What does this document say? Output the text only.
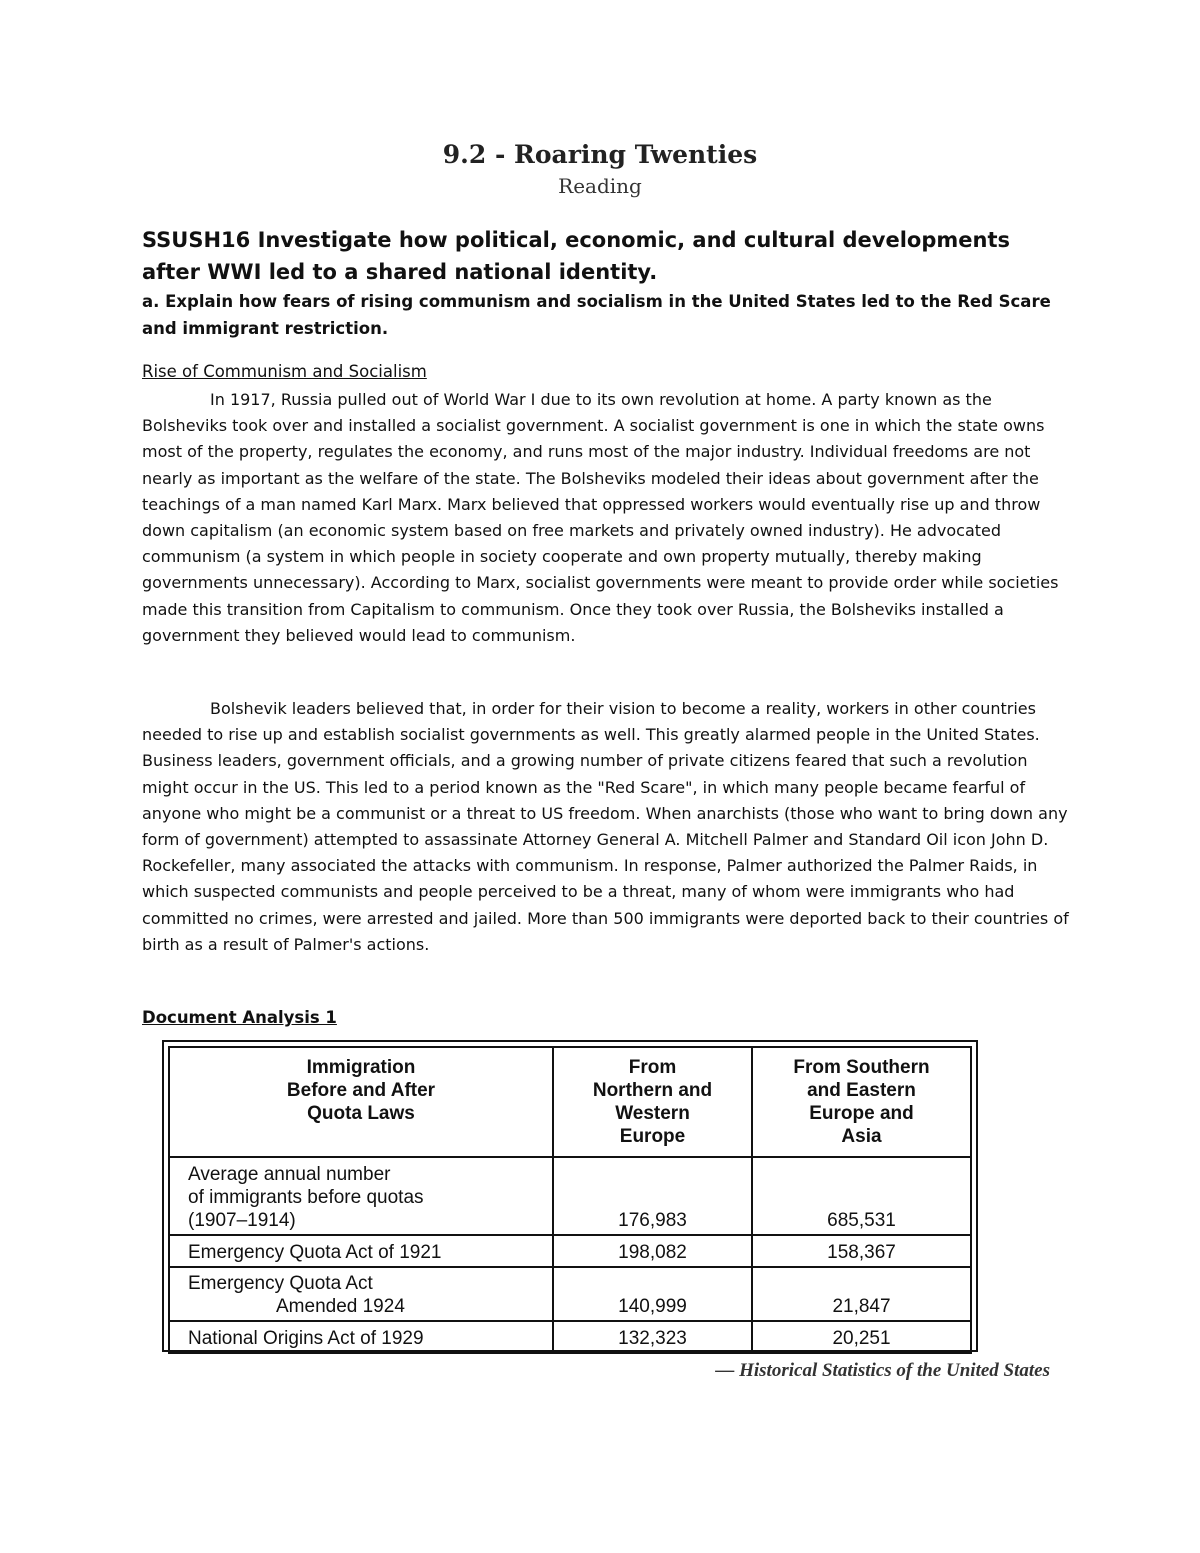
9.2 - Roaring Twenties
Reading
SSUSH16 Investigate how political, economic, and cultural developments after WWI led to a shared national identity.
a. Explain how fears of rising communism and socialism in the United States led to the Red Scare and immigrant restriction.
Rise of Communism and Socialism

In 1917, Russia pulled out of World War I due to its own revolution at home. A party known as the Bolsheviks took over and installed a socialist government. A socialist government is one in which the state owns most of the property, regulates the economy, and runs most of the major industry. Individual freedoms are not nearly as important as the welfare of the state. The Bolsheviks modeled their ideas about government after the teachings of a man named Karl Marx. Marx believed that oppressed workers would eventually rise up and throw down capitalism (an economic system based on free markets and privately owned industry). He advocated communism (a system in which people in society cooperate and own property mutually, thereby making governments unnecessary). According to Marx, socialist governments were meant to provide order while societies made this transition from Capitalism to communism. Once they took over Russia, the Bolsheviks installed a government they believed would lead to communism.

Bolshevik leaders believed that, in order for their vision to become a reality, workers in other countries needed to rise up and establish socialist governments as well. This greatly alarmed people in the United States. Business leaders, government officials, and a growing number of private citizens feared that such a revolution might occur in the US. This led to a period known as the "Red Scare", in which many people became fearful of anyone who might be a communist or a threat to US freedom. When anarchists (those who want to bring down any form of government) attempted to assassinate Attorney General A. Mitchell Palmer and Standard Oil icon John D. Rockefeller, many associated the attacks with communism. In response, Palmer authorized the Palmer Raids, in which suspected communists and people perceived to be a threat, many of whom were immigrants who had committed no crimes, were arrested and jailed. More than 500 immigrants were deported back to their countries of birth as a result of Palmer's actions.

Document Analysis 1
Immigration
Before and After
Quota Laws	From
Northern and
Western
Europe	From Southern
and Eastern
Europe and
Asia
Average annual number
of immigrants before quotas
(1907–1914)	176,983	685,531
Emergency Quota Act of 1921	198,082	158,367
Emergency Quota Act
Amended 1924	140,999	21,847
National Origins Act of 1929	132,323	20,251
— Historical Statistics of the United States
